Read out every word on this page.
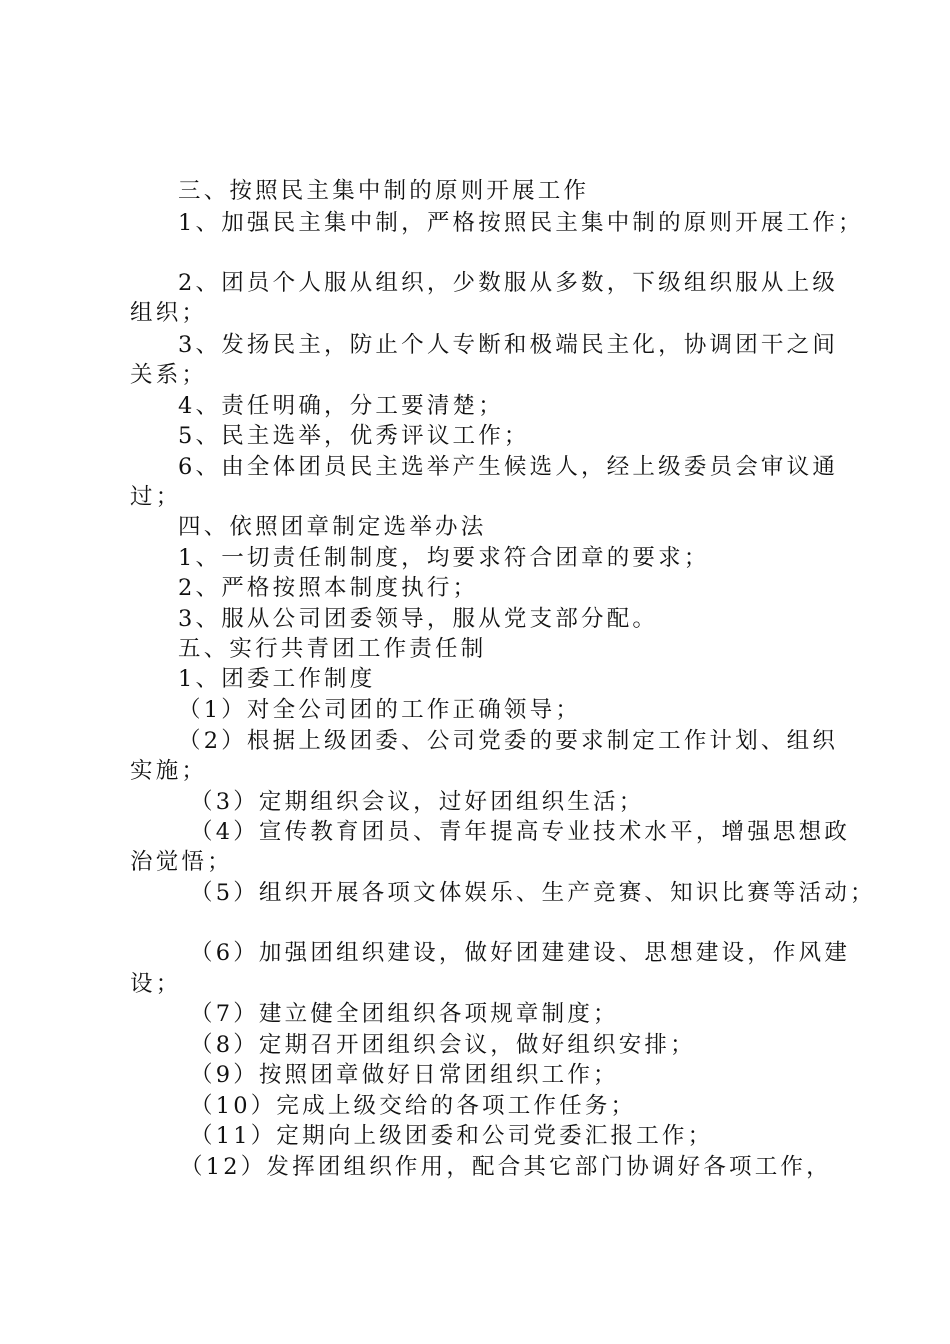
三、按照民主集中制的原则开展工作
1、加强民主集中制，严格按照民主集中制的原则开展工作；
2、团员个人服从组织，少数服从多数，下级组织服从上级
组织；
3、发扬民主，防止个人专断和极端民主化，协调团干之间
关系；
4、责任明确，分工要清楚；
5、民主选举，优秀评议工作；
6、由全体团员民主选举产生候选人，经上级委员会审议通
过；
四、依照团章制定选举办法
1、一切责任制制度，均要求符合团章的要求；
2、严格按照本制度执行；
3、服从公司团委领导，服从党支部分配。
五、实行共青团工作责任制
1、团委工作制度
（1）对全公司团的工作正确领导；
（2）根据上级团委、公司党委的要求制定工作计划、组织
实施；
（3）定期组织会议，过好团组织生活；
（4）宣传教育团员、青年提高专业技术水平，增强思想政
治觉悟；
（5）组织开展各项文体娱乐、生产竞赛、知识比赛等活动；
（6）加强团组织建设，做好团建建设、思想建设，作风建
设；
（7）建立健全团组织各项规章制度；
（8）定期召开团组织会议，做好组织安排；
（9）按照团章做好日常团组织工作；
（10）完成上级交给的各项工作任务；
（11）定期向上级团委和公司党委汇报工作；
（12）发挥团组织作用，配合其它部门协调好各项工作，
